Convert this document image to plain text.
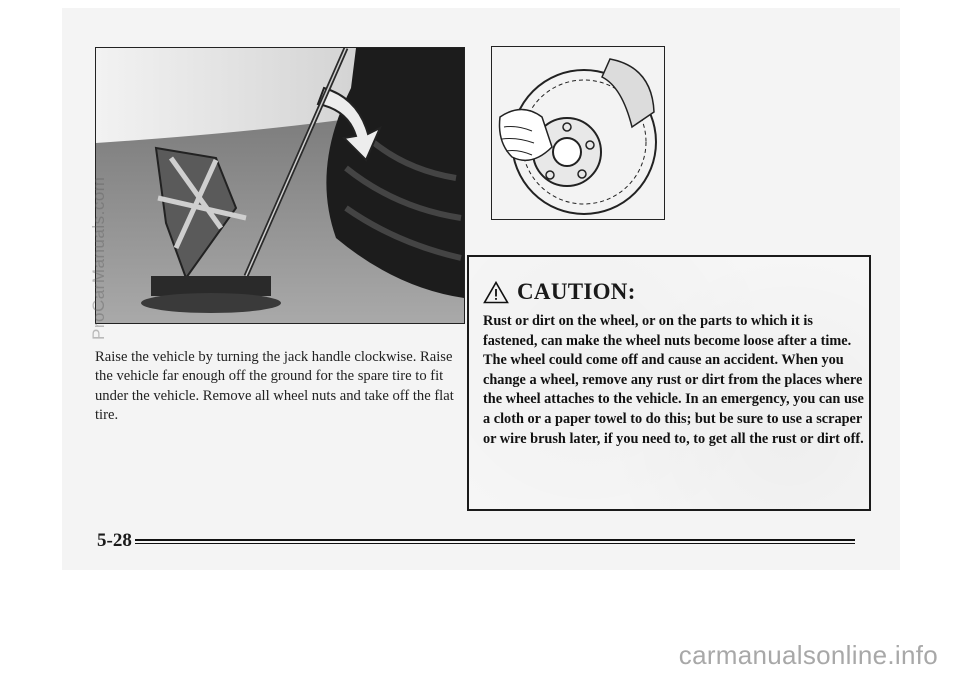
Raise the vehicle by turning the jack handle clockwise. Raise the vehicle far enough off the ground for the spare tire to fit under the vehicle. Remove all wheel nuts and take off the flat tire.

CAUTION:

Rust or dirt on the wheel, or on the parts to which it is fastened, can make the wheel nuts become loose after a time. The wheel could come off and cause an accident. When you change a wheel, remove any rust or dirt from the places where the wheel attaches to the vehicle. In an emergency, you can use a cloth or a paper towel to do this; but be sure to use a scraper or wire brush later, if you need to, to get all the rust or dirt off.

5-28
ProCarManuals.com
carmanualsonline.info
